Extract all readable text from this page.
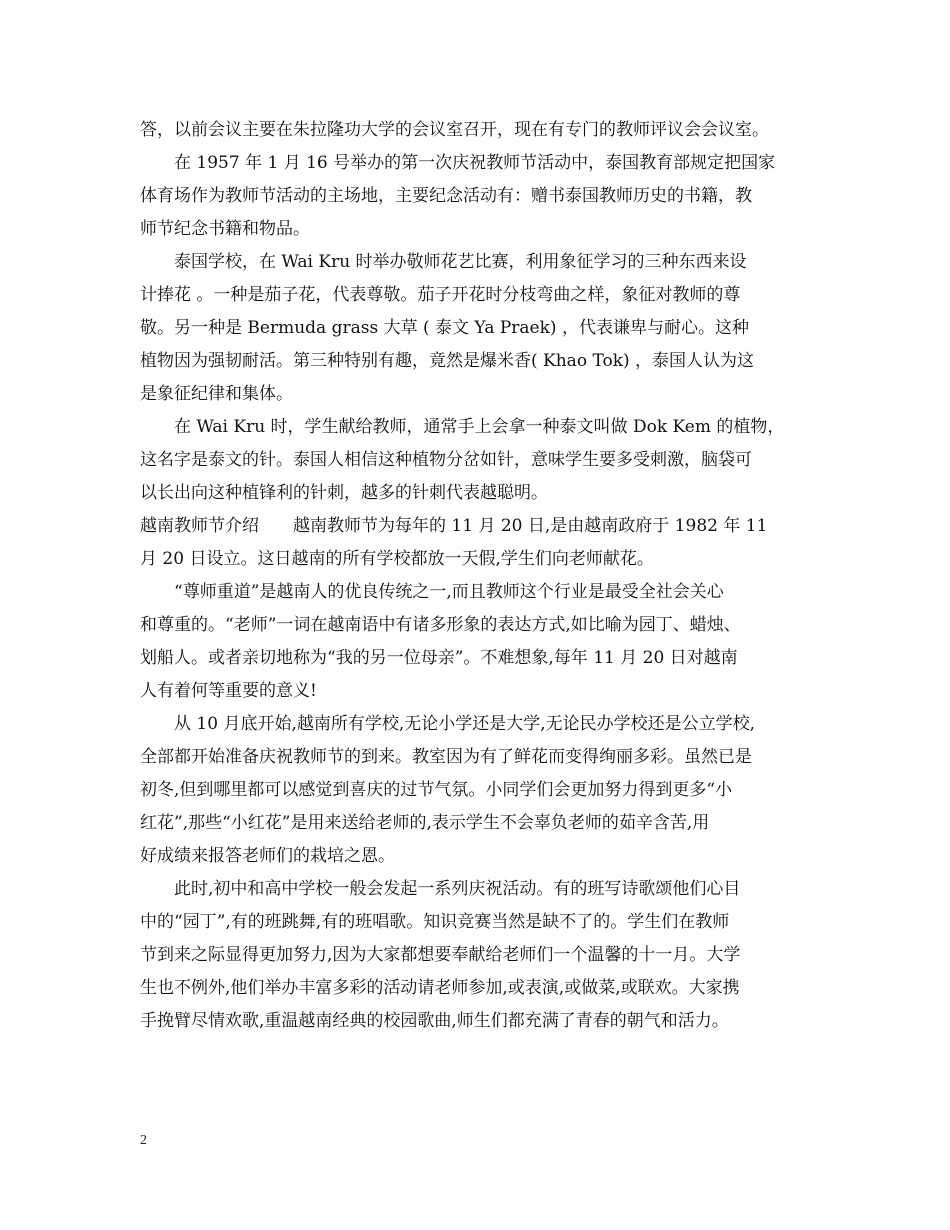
答，以前会议主要在朱拉隆功大学的会议室召开，现在有专门的教师评议会会议室。
　　在 1957 年 1 月 16 号举办的第一次庆祝教师节活动中，泰国教育部规定把国家
体育场作为教师节活动的主场地，主要纪念活动有：赠书泰国教师历史的书籍，教
师节纪念书籍和物品。
　　泰国学校，在 Wai Kru 时举办敬师花艺比赛，利用象征学习的三种东西来设
计捧花 。一种是茄子花，代表尊敬。茄子开花时分枝弯曲之样，象征对教师的尊
敬。另一种是 Bermuda grass 大草 ( 泰文 Ya Praek) ，代表谦卑与耐心。这种
植物因为强韧耐活。第三种特别有趣，竟然是爆米香( Khao Tok) ，泰国人认为这
是象征纪律和集体。
　　在 Wai Kru 时，学生献给教师，通常手上会拿一种泰文叫做 Dok Kem 的植物，
这名字是泰文的针。泰国人相信这种植物分岔如针，意味学生要多受刺激，脑袋可
以长出向这种植锋利的针刺，越多的针刺代表越聪明。
越南教师节介绍　　越南教师节为每年的 11 月 20 日,是由越南政府于 1982 年 11
月 20 日设立。这日越南的所有学校都放一天假,学生们向老师献花。
　　“尊师重道”是越南人的优良传统之一,而且教师这个行业是最受全社会关心
和尊重的。“老师”一词在越南语中有诸多形象的表达方式,如比喻为园丁、蜡烛、
划船人。或者亲切地称为“我的另一位母亲”。不难想象,每年 11 月 20 日对越南
人有着何等重要的意义!
　　从 10 月底开始,越南所有学校,无论小学还是大学,无论民办学校还是公立学校,
全部都开始准备庆祝教师节的到来。教室因为有了鲜花而变得绚丽多彩。虽然已是
初冬,但到哪里都可以感觉到喜庆的过节气氛。小同学们会更加努力得到更多“小
红花”,那些“小红花”是用来送给老师的,表示学生不会辜负老师的茹辛含苦,用
好成绩来报答老师们的栽培之恩。
　　此时,初中和高中学校一般会发起一系列庆祝活动。有的班写诗歌颂他们心目
中的“园丁”,有的班跳舞,有的班唱歌。知识竞赛当然是缺不了的。学生们在教师
节到来之际显得更加努力,因为大家都想要奉献给老师们一个温馨的十一月。大学
生也不例外,他们举办丰富多彩的活动请老师参加,或表演,或做菜,或联欢。大家携
手挽臂尽情欢歌,重温越南经典的校园歌曲,师生们都充满了青春的朝气和活力。
2
